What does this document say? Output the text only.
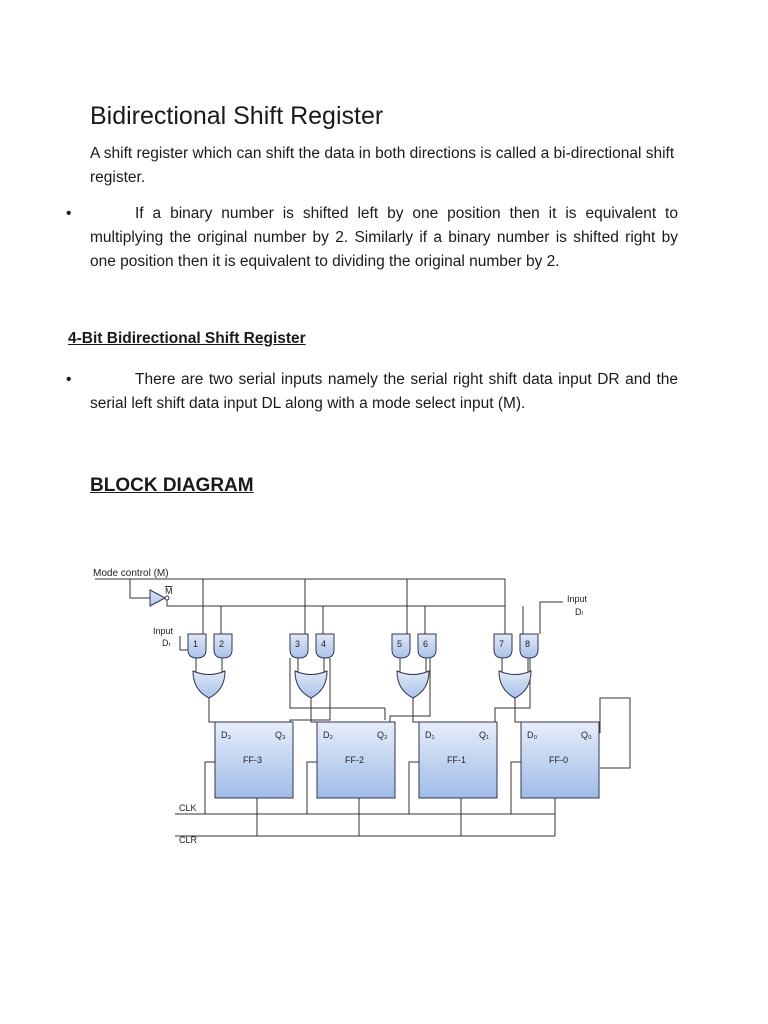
Bidirectional Shift Register

A shift register which can shift the data in both directions is called a bi-directional shift register.

•	If a binary number is shifted left by one position then it is equivalent to multiplying the original number by 2. Similarly if a binary number is shifted right by one position then it is equivalent to dividing the original number by 2.

4-Bit Bidirectional Shift Register

•	There are two serial inputs namely the serial right shift data input DR and the serial left shift data input DL along with a mode select input (M).

BLOCK DIAGRAM
D₃	Q₃
FF-3
D₂	Q₂
FF-2
D₁	Q₁
FF-1
D₀	Q₀
FF-0
1 2	3 4	5 6	7 8
Mode control (M)
M
Input
Dᵣ
Input
Dₗ
CLK
CLR
